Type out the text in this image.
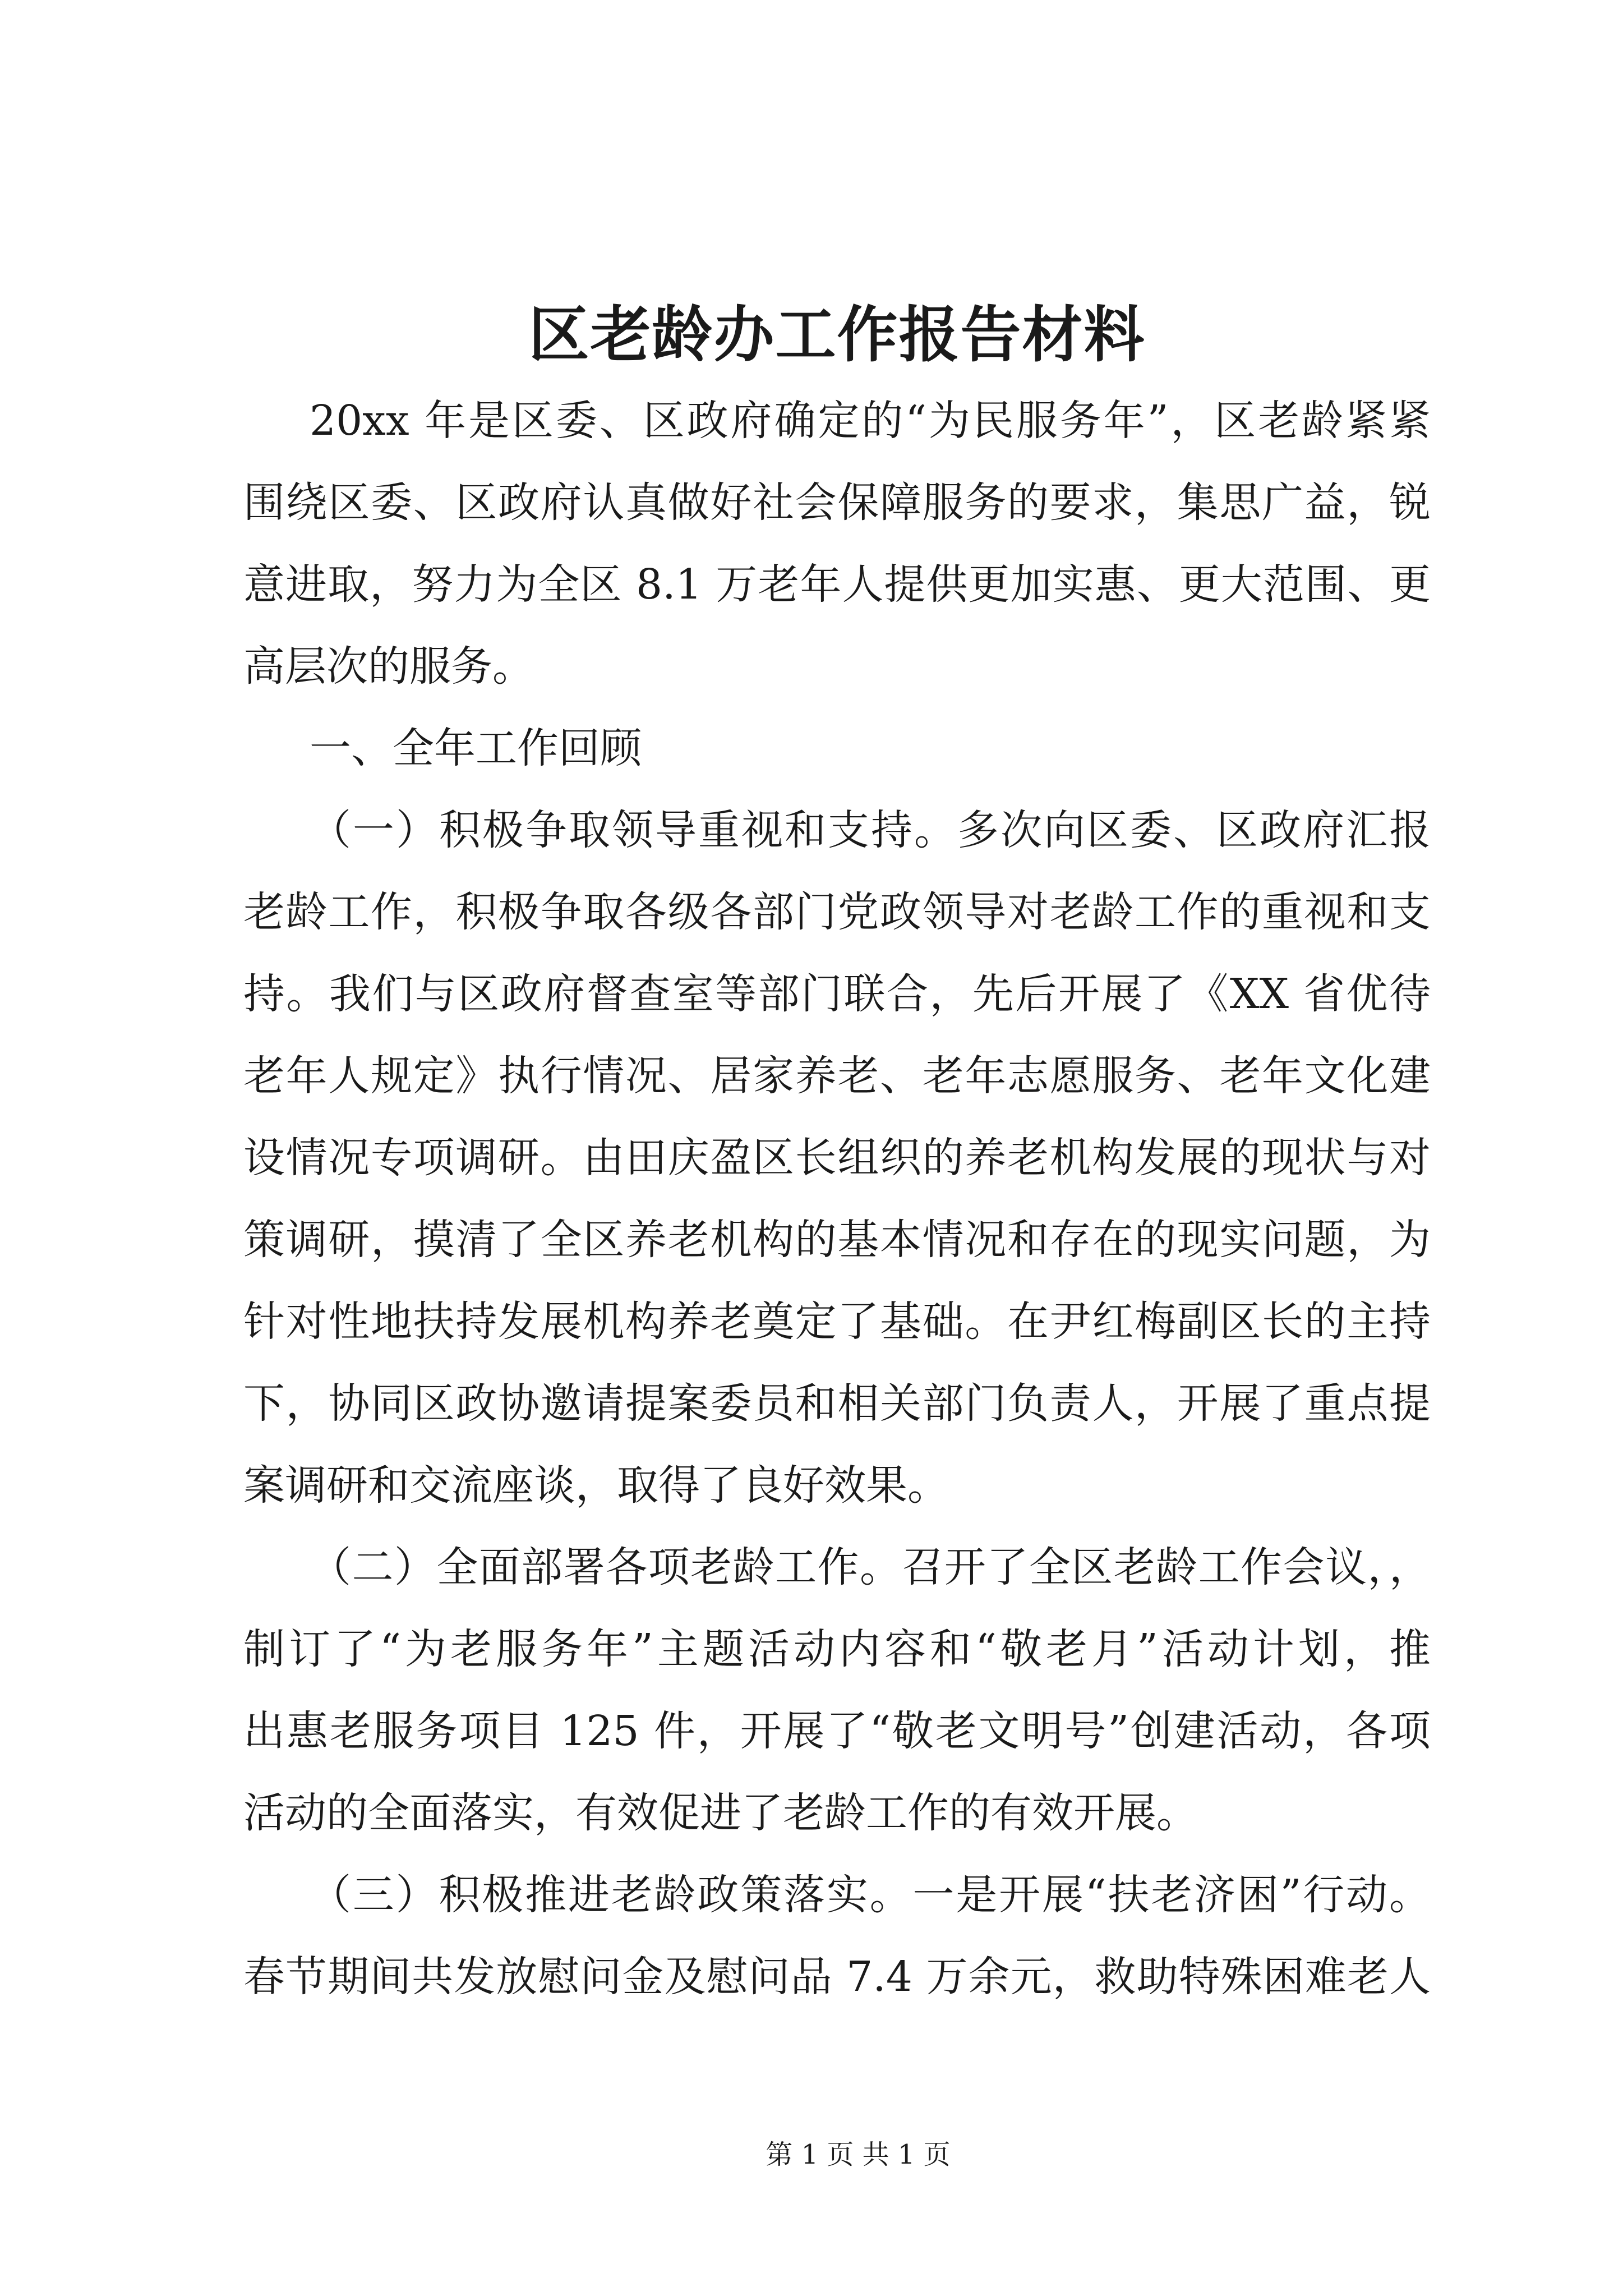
区老龄办工作报告材料
20xx 年是区委、区政府确定的“为民服务年”，区老龄紧紧
围绕区委、区政府认真做好社会保障服务的要求，集思广益，锐
意进取，努力为全区 8.1 万老年人提供更加实惠、更大范围、更
高层次的服务。
一、全年工作回顾
（一）积极争取领导重视和支持。多次向区委、区政府汇报
老龄工作，积极争取各级各部门党政领导对老龄工作的重视和支
持。我们与区政府督查室等部门联合，先后开展了《XX 省优待
老年人规定》执行情况、居家养老、老年志愿服务、老年文化建
设情况专项调研。由田庆盈区长组织的养老机构发展的现状与对
策调研，摸清了全区养老机构的基本情况和存在的现实问题，为
针对性地扶持发展机构养老奠定了基础。在尹红梅副区长的主持
下，协同区政协邀请提案委员和相关部门负责人，开展了重点提
案调研和交流座谈，取得了良好效果。
（二）全面部署各项老龄工作。召开了全区老龄工作会议，，
制订了“为老服务年”主题活动内容和“敬老月”活动计划，推
出惠老服务项目 125 件，开展了“敬老文明号”创建活动，各项
活动的全面落实，有效促进了老龄工作的有效开展。
（三）积极推进老龄政策落实。一是开展“扶老济困”行动。
春节期间共发放慰问金及慰问品 7.4 万余元，救助特殊困难老人
第 1 页 共 1 页
